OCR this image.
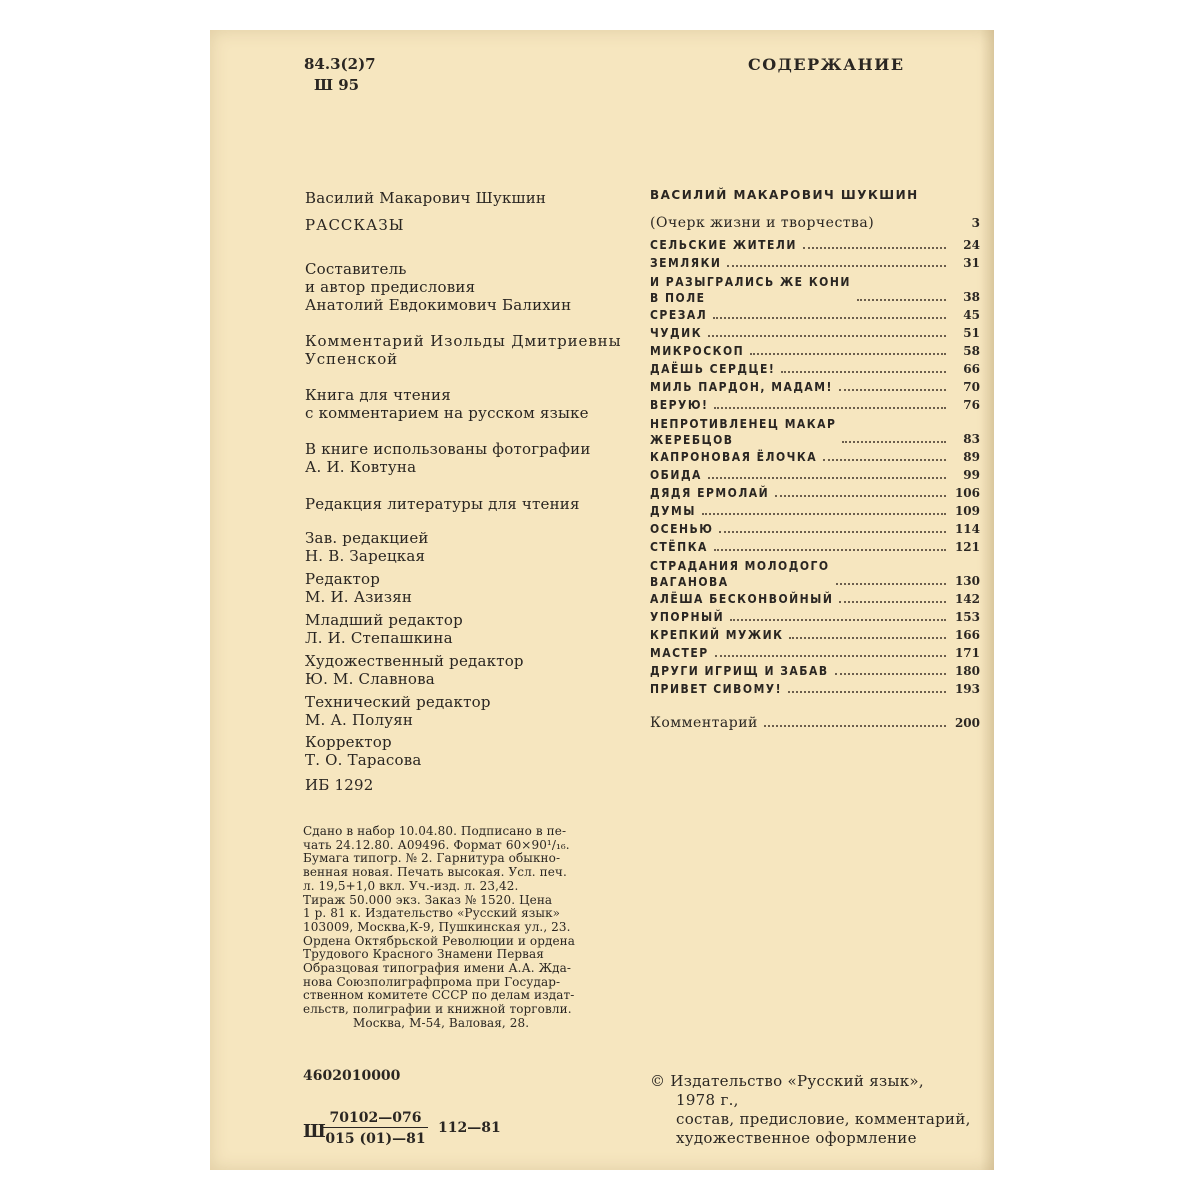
84.3(2)7
Ш 95
СОДЕРЖАНИЕ
Василий Макарович Шукшин
РАССКАЗЫ
Составитель
и автор предисловия
Анатолий Евдокимович Балихин
Комментарий Изольды Дмитриевны
Успенской
Книга для чтения
с комментарием на русском языке
В книге использованы фотографии
А. И. Ковтуна
Редакция литературы для чтения
Зав. редакцией
Н. В. Зарецкая
Редактор
М. И. Азизян
Младший редактор
Л. И. Степашкина
Художественный редактор
Ю. М. Славнова
Технический редактор
М. А. Полуян
Корректор
Т. О. Тарасова
ИБ 1292
Сдано в набор 10.04.80. Подписано в пе-
чать 24.12.80. А09496. Формат 60×90¹/₁₆.
Бумага типогр. № 2. Гарнитура обыкно-
венная новая. Печать высокая. Усл. печ.
л. 19,5+1,0 вкл. Уч.-изд. л. 23,42.
Тираж 50.000 экз. Заказ № 1520. Цена
1 р. 81 к. Издательство «Русский язык»
103009, Москва,К-9, Пушкинская ул., 23.
Ордена Октябрьской Революции и ордена
Трудового Красного Знамени Первая
Образцовая типография имени А.А. Жда-
нова Союзполиграфпрома при Государ-
ственном комитете СССР по делам издат-
ельств, полиграфии и книжной торговли.
Москва, М-54, Валовая, 28.
4602010000
Ш
70102—076
015 (01)—81
112—81
ВАСИЛИЙ МАКАРОВИЧ ШУКШИН
(Очерк жизни и творчества)	3
СЕЛЬСКИЕ ЖИТЕЛИ	24
ЗЕМЛЯКИ	31
И РАЗЫГРАЛИСЬ ЖЕ КОНИ
В ПОЛЕ	38
СРЕЗАЛ	45
ЧУДИК	51
МИКРОСКОП	58
ДАЁШЬ СЕРДЦЕ!	66
МИЛЬ ПАРДОН, МАДАМ!	70
ВЕРУЮ!	76
НЕПРОТИВЛЕНЕЦ МАКАР
ЖЕРЕБЦОВ	83
КАПРОНОВАЯ ЁЛОЧКА	89
ОБИДА	99
ДЯДЯ ЕРМОЛАЙ	106
ДУМЫ	109
ОСЕНЬЮ	114
СТЁПКА	121
СТРАДАНИЯ МОЛОДОГО
ВАГАНОВА	130
АЛЁША БЕСКОНВОЙНЫЙ	142
УПОРНЫЙ	153
КРЕПКИЙ МУЖИК	166
МАСТЕР	171
ДРУГИ ИГРИЩ И ЗАБАВ	180
ПРИВЕТ СИВОМУ!	193
Комментарий	200
© Издательство «Русский язык»,
1978 г.,
состав, предисловие, комментарий,
художественное оформление
